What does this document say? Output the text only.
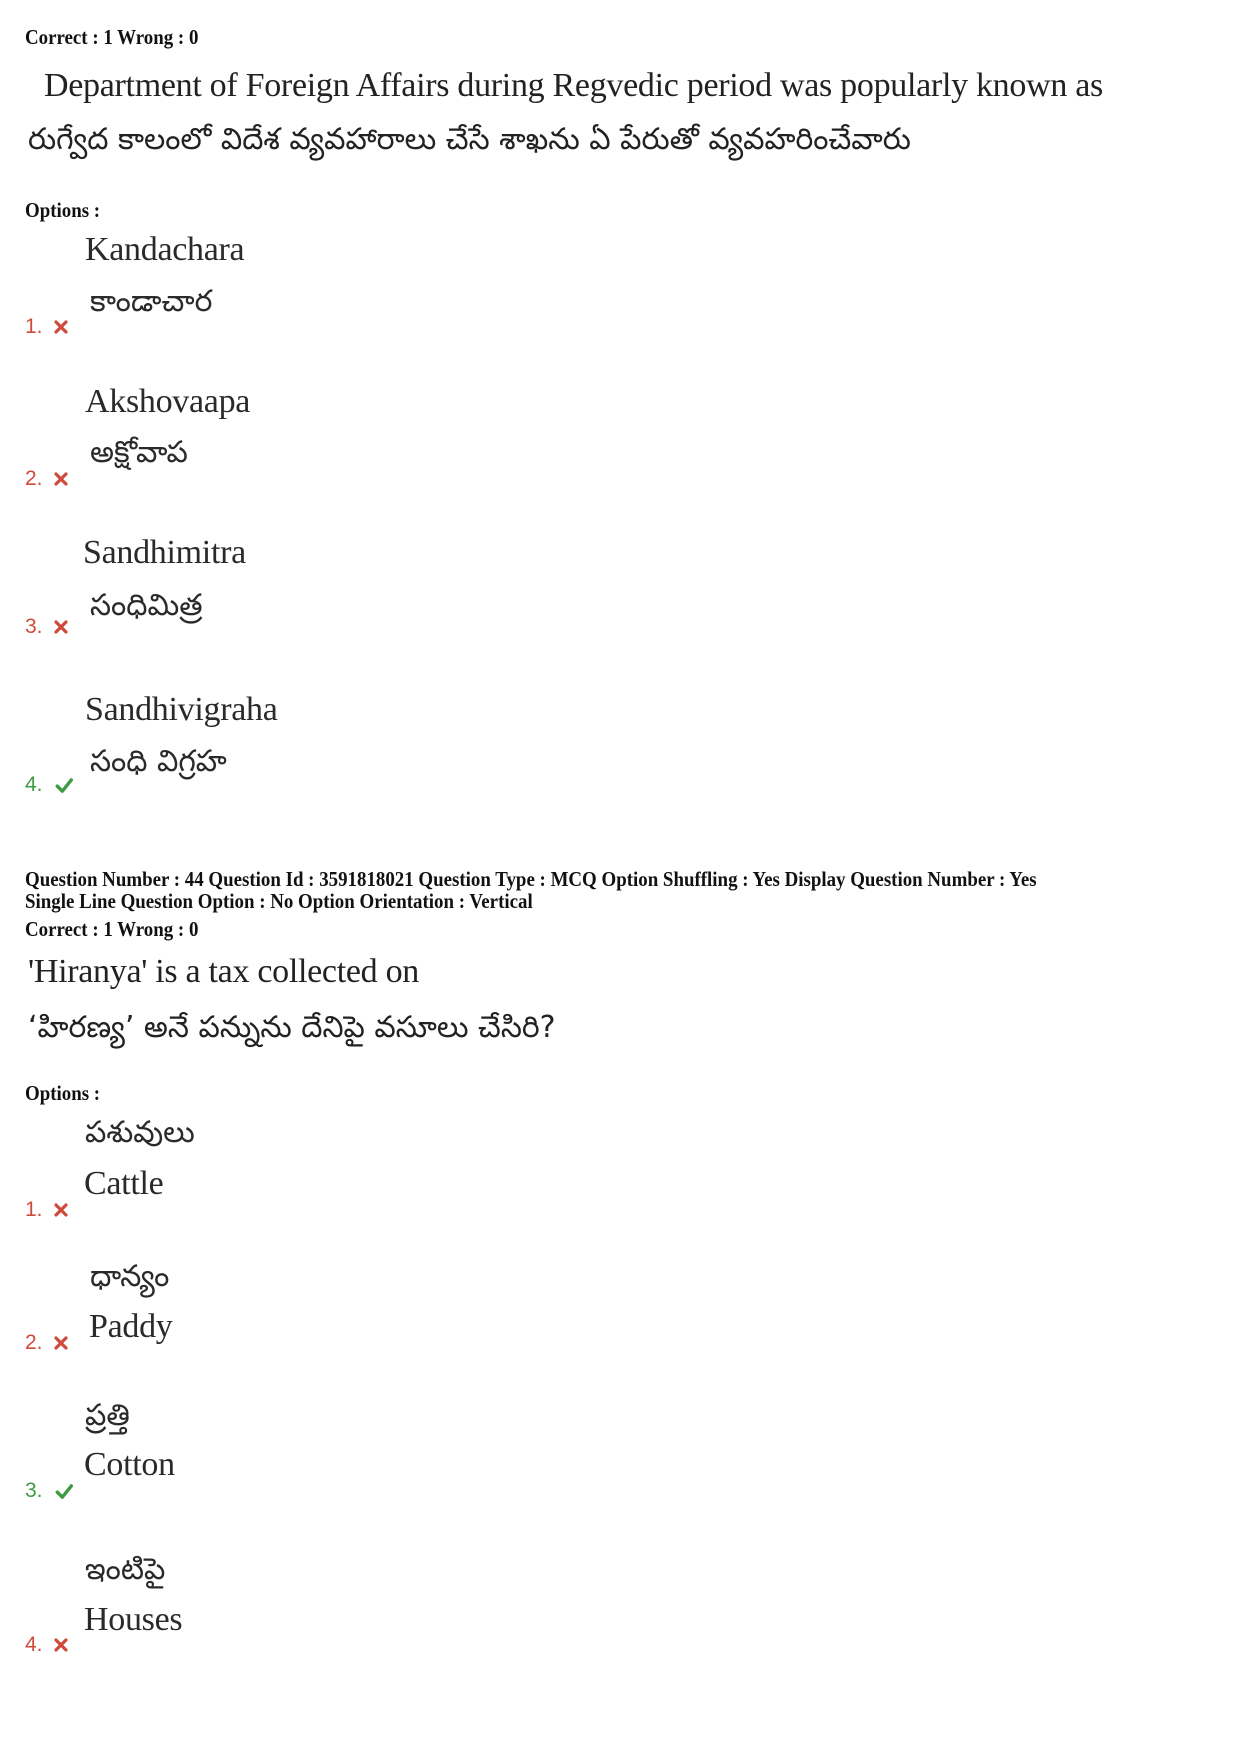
Correct : 1 Wrong : 0
Department of Foreign Affairs during Regvedic period was popularly known as
రుగ్వేద కాలంలో విదేశ వ్యవహారాలు చేసే శాఖను ఏ పేరుతో వ్యవహరించేవారు
Options :
Kandachara
కాండాచార
1.
Akshovaapa
అక్షోవాప
2.
Sandhimitra
సంధిమిత్ర
3.
Sandhivigraha
సంధి విగ్రహ
4.
Question Number : 44 Question Id : 3591818021 Question Type : MCQ Option Shuffling : Yes Display Question Number : Yes
Single Line Question Option : No Option Orientation : Vertical
Correct : 1 Wrong : 0
'Hiranya' is a tax collected on
‘హిరణ్య’ అనే పన్నును దేనిపై వసూలు చేసిరి?
Options :
పశువులు
Cattle
1.
ధాన్యం
Paddy
2.
ప్రత్తి
Cotton
3.
ఇంటిపై
Houses
4.
